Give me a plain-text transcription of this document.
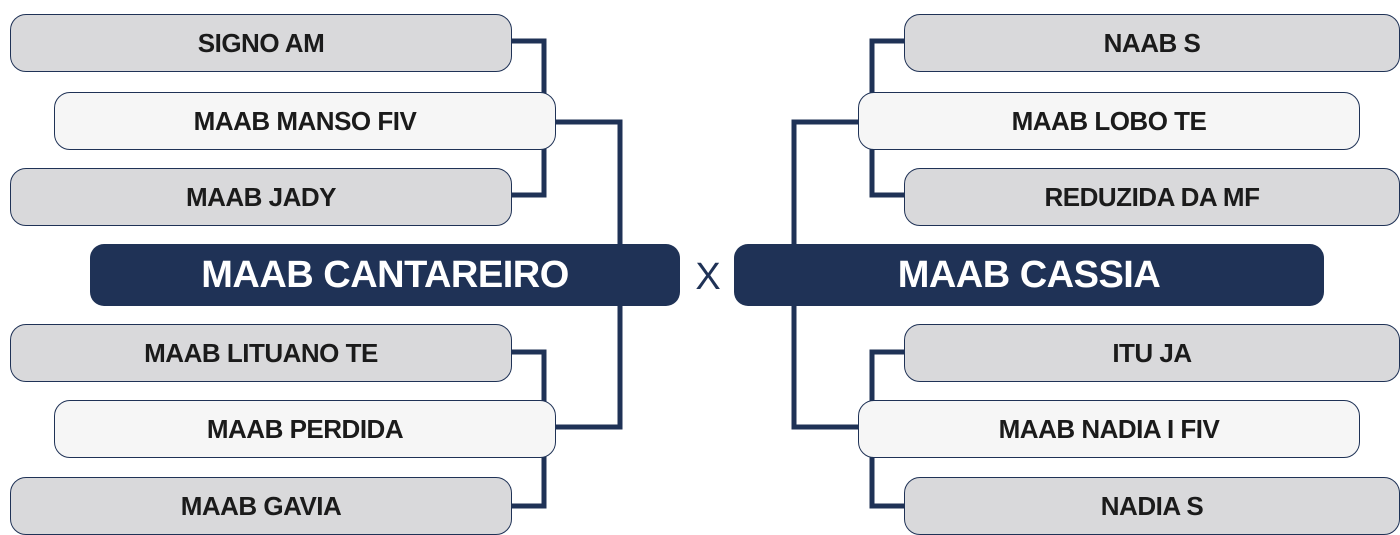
SIGNO AM
MAAB MANSO FIV
MAAB JADY
MAAB CANTAREIRO
MAAB LITUANO TE
MAAB PERDIDA
MAAB GAVIA
X
NAAB S
MAAB LOBO TE
REDUZIDA DA MF
MAAB CASSIA
ITU JA
MAAB NADIA I FIV
NADIA S
